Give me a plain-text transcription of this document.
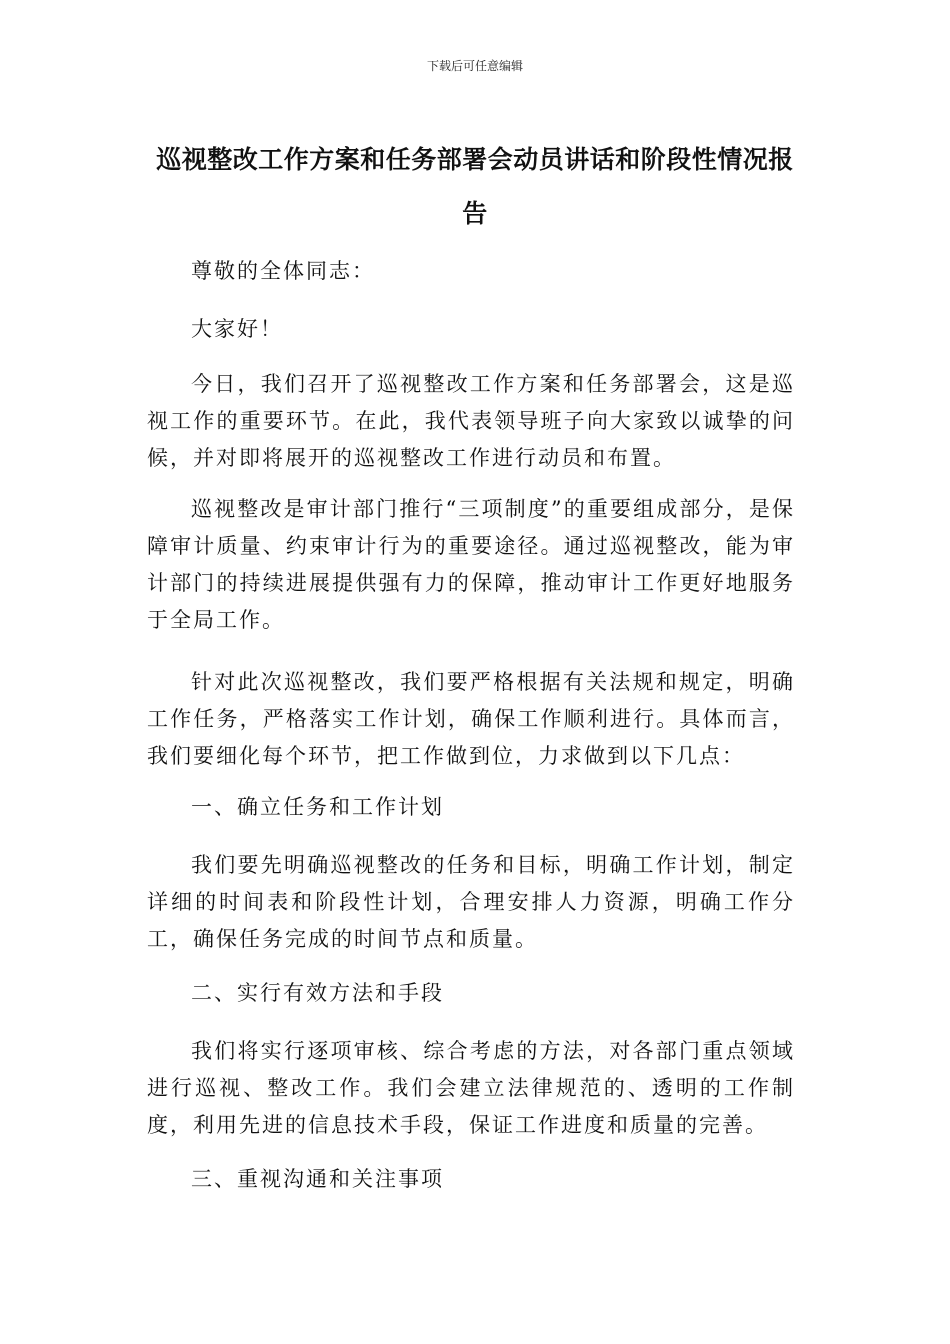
下载后可任意编辑
巡视整改工作方案和任务部署会动员讲话和阶段性情况报告

尊敬的全体同志：

大家好！

今日，我们召开了巡视整改工作方案和任务部署会，这是巡视工作的重要环节。在此，我代表领导班子向大家致以诚挚的问候，并对即将展开的巡视整改工作进行动员和布置。

巡视整改是审计部门推行“三项制度”的重要组成部分，是保障审计质量、约束审计行为的重要途径。通过巡视整改，能为审计部门的持续进展提供强有力的保障，推动审计工作更好地服务于全局工作。

针对此次巡视整改，我们要严格根据有关法规和规定，明确工作任务，严格落实工作计划，确保工作顺利进行。具体而言，我们要细化每个环节，把工作做到位，力求做到以下几点：

一、确立任务和工作计划

我们要先明确巡视整改的任务和目标，明确工作计划，制定详细的时间表和阶段性计划，合理安排人力资源，明确工作分工，确保任务完成的时间节点和质量。

二、实行有效方法和手段

我们将实行逐项审核、综合考虑的方法，对各部门重点领域进行巡视、整改工作。我们会建立法律规范的、透明的工作制度，利用先进的信息技术手段，保证工作进度和质量的完善。

三、重视沟通和关注事项
